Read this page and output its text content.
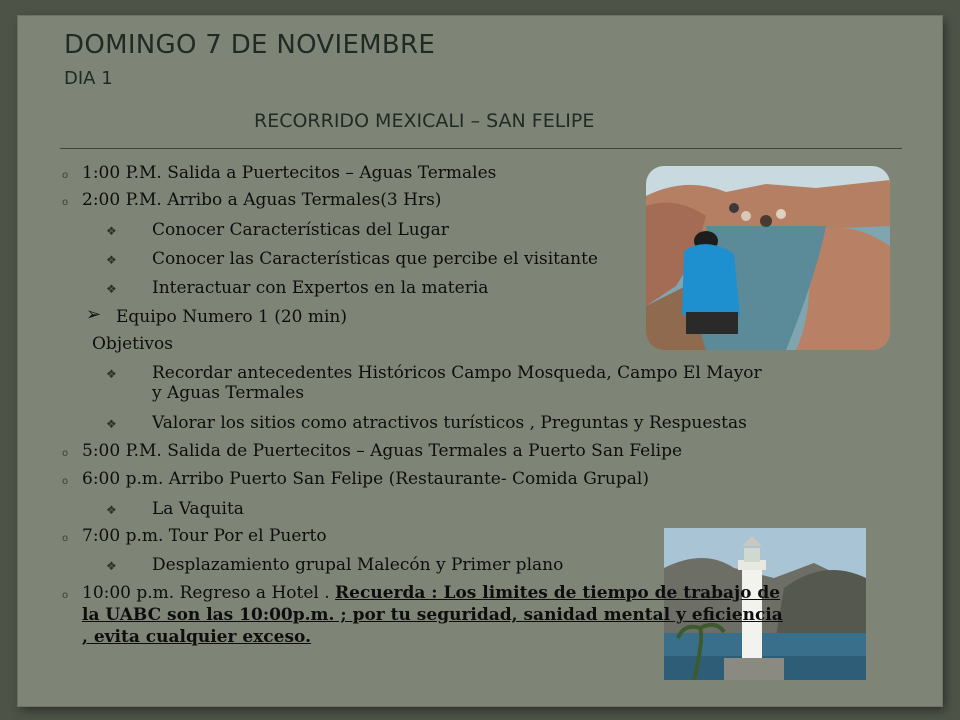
DOMINGO 7 DE NOVIEMBRE
DIA 1
RECORRIDO MEXICALI – SAN FELIPE
o 1:00 P.M. Salida a Puertecitos – Aguas Termales
o 2:00 P.M. Arribo a Aguas Termales(3 Hrs)
❖ Conocer Características del Lugar
❖ Conocer las Características que percibe el visitante
❖ Interactuar con Expertos en la materia
➢ Equipo Numero 1 (20 min)
Objetivos
❖ Recordar antecedentes Históricos Campo Mosqueda, Campo El Mayor
y Aguas Termales
❖ Valorar los sitios como atractivos turísticos , Preguntas y Respuestas
o 5:00 P.M. Salida de Puertecitos – Aguas Termales a Puerto San Felipe
o 6:00 p.m. Arribo Puerto San Felipe (Restaurante- Comida Grupal)
❖ La Vaquita
o 7:00 p.m. Tour Por el Puerto
❖ Desplazamiento grupal Malecón y Primer plano
o 10:00 p.m. Regreso a Hotel . Recuerda : Los limites de tiempo de trabajo de
la UABC son las 10:00p.m. ; por tu seguridad, sanidad mental y eficiencia
, evita cualquier exceso.
